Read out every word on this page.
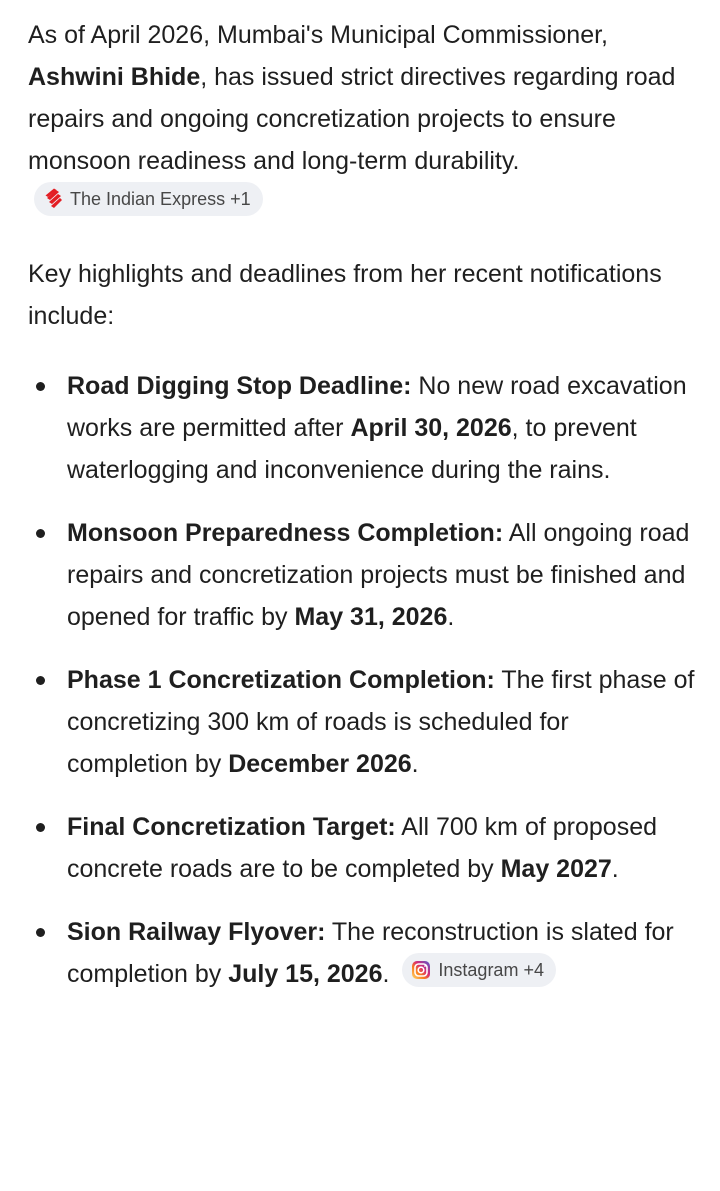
As of April 2026, Mumbai's Municipal Commissioner, Ashwini Bhide, has issued strict directives regarding road repairs and ongoing concretization projects to ensure monsoon readiness and long-term durability.
The Indian Express +1

Key highlights and deadlines from her recent notifications include:

Road Digging Stop Deadline: No new road excavation works are permitted after April 30, 2026, to prevent waterlogging and inconvenience during the rains.
Monsoon Preparedness Completion: All ongoing road repairs and concretization projects must be finished and opened for traffic by May 31, 2026.
Phase 1 Concretization Completion: The first phase of concretizing 300 km of roads is scheduled for completion by December 2026.
Final Concretization Target: All 700 km of proposed concrete roads are to be completed by May 2027.
Sion Railway Flyover: The reconstruction is slated for completion by July 15, 2026.	Instagram +4
